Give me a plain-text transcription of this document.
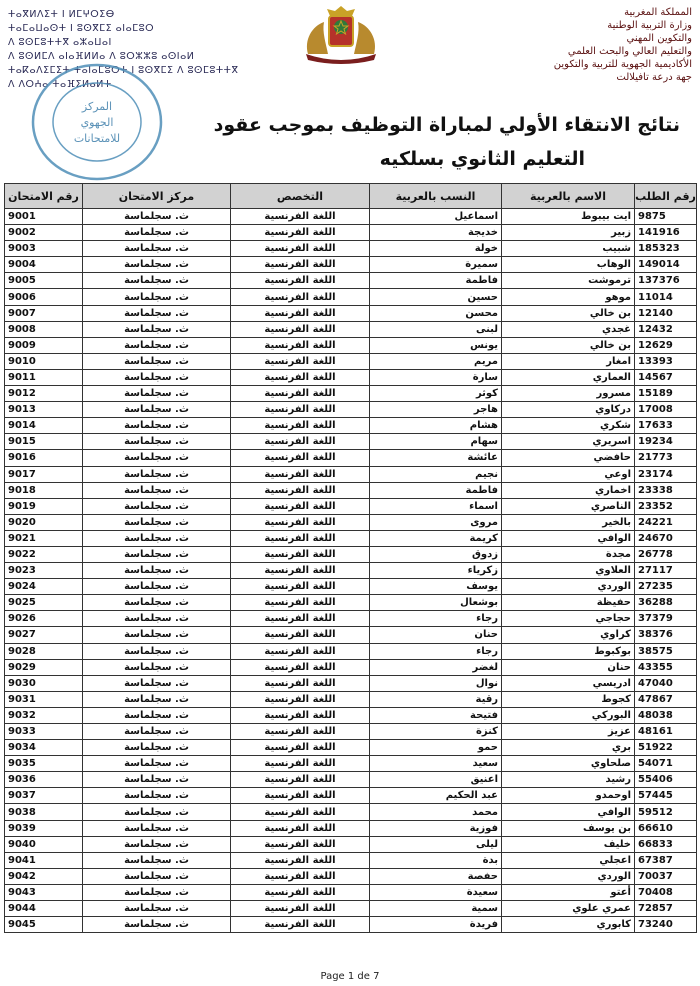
ⵜⴰⴳⵍⴷⵉⵜ ⵏ ⵍⵎⵖⵔⵉⴱ
ⵜⴰⵎⴰⵡⴰⵙⵜ ⵏ ⵓⵙⴳⵎⵉ ⴰⵏⴰⵎⵓⵔ
ⴷ ⵓⵙⵎⵓⵜⵜⴳ ⴰⵣⴰⵡⴰⵏ
ⴷ ⵓⵙⵍⵎⴷ ⴰⵏⴰⴼⵍⵍⴰ ⴷ ⵓⵔⵣⵣⵓ ⴰⵙⵏⴰⵍ
ⵜⴰⴽⴰⴷⵉⵎⵉⵜ ⵜⴰⵏⴰⵎⵓⵔⵜ ⵏ ⵓⵙⴳⵎⵉ ⴷ ⵓⵙⵎⵓⵜⵜⴳ
ⴷ ⴷⵔⵄⴰ ⵜⴰⴼⵉⵍⴰⵍⵜ
المملكة المغربية
وزارة التربية الوطنية
والتكوين المهني
والتعليم العالي والبحث العلمي
الأكاديمية الجهوية للتربية والتكوين
جهة درعة تافيلالت
المركز
الجهوي
للامتحانات
نتائج الانتقاء الأولي لمباراة التوظيف بموجب عقود
التعليم الثانوي بسلكيه
رقم الطلب	الاسم بالعربية	النسب بالعربية	التخصص	مركز الامتحان	رقم الامتحان
9875	ايت بيبوط	اسماعيل	اللغة الفرنسية	ث. سجلماسة	9001
141916	زبير	خديجة	اللغة الفرنسية	ث. سجلماسة	9002
185323	شبيب	خولة	اللغة الفرنسية	ث. سجلماسة	9003
149014	الوهاب	سميرة	اللغة الفرنسية	ث. سجلماسة	9004
137376	ترموشت	فاطمة	اللغة الفرنسية	ث. سجلماسة	9005
11014	موهو	حسين	اللغة الفرنسية	ث. سجلماسة	9006
12140	بن خالي	محسن	اللغة الفرنسية	ث. سجلماسة	9007
12432	غجدي	لبنى	اللغة الفرنسية	ث. سجلماسة	9008
12629	بن خالي	يونس	اللغة الفرنسية	ث. سجلماسة	9009
13393	امغار	مريم	اللغة الفرنسية	ث. سجلماسة	9010
14567	العماري	سارة	اللغة الفرنسية	ث. سجلماسة	9011
15189	مسرور	كوثر	اللغة الفرنسية	ث. سجلماسة	9012
17008	دركاوي	هاجر	اللغة الفرنسية	ث. سجلماسة	9013
17633	شكري	هشام	اللغة الفرنسية	ث. سجلماسة	9014
19234	اسريري	سهام	اللغة الفرنسية	ث. سجلماسة	9015
21773	حافضي	عائشة	اللغة الفرنسية	ث. سجلماسة	9016
23174	اوعي	نجيم	اللغة الفرنسية	ث. سجلماسة	9017
23338	اخماري	فاطمة	اللغة الفرنسية	ث. سجلماسة	9018
23352	الناصري	اسماء	اللغة الفرنسية	ث. سجلماسة	9019
24221	بالخير	مروى	اللغة الفرنسية	ث. سجلماسة	9020
24670	الوافي	كريمة	اللغة الفرنسية	ث. سجلماسة	9021
26778	مجدة	زدوق	اللغة الفرنسية	ث. سجلماسة	9022
27117	العلاوي	زكرياء	اللغة الفرنسية	ث. سجلماسة	9023
27235	الوردي	يوسف	اللغة الفرنسية	ث. سجلماسة	9024
36288	حفيظة	بوشعال	اللغة الفرنسية	ث. سجلماسة	9025
37379	حجاجي	رجاء	اللغة الفرنسية	ث. سجلماسة	9026
38376	كراوي	حنان	اللغة الفرنسية	ث. سجلماسة	9027
38575	بوكبوط	رجاء	اللغة الفرنسية	ث. سجلماسة	9028
43355	حنان	لغضر	اللغة الفرنسية	ث. سجلماسة	9029
47040	ادريسي	نوال	اللغة الفرنسية	ث. سجلماسة	9030
47867	كجوط	رقية	اللغة الفرنسية	ث. سجلماسة	9031
48038	البوركي	فتيحة	اللغة الفرنسية	ث. سجلماسة	9032
48161	عزيز	كنزة	اللغة الفرنسية	ث. سجلماسة	9033
51922	بري	حمو	اللغة الفرنسية	ث. سجلماسة	9034
54071	صلحاوي	سعيد	اللغة الفرنسية	ث. سجلماسة	9035
55406	رشيد	اعنيق	اللغة الفرنسية	ث. سجلماسة	9036
57445	اوحمدو	عبد الحكيم	اللغة الفرنسية	ث. سجلماسة	9037
59512	الوافي	محمد	اللغة الفرنسية	ث. سجلماسة	9038
66610	بن يوسف	فوزية	اللغة الفرنسية	ث. سجلماسة	9039
66833	خليف	ليلى	اللغة الفرنسية	ث. سجلماسة	9040
67387	اعجلي	بدة	اللغة الفرنسية	ث. سجلماسة	9041
70037	الوردي	حفصة	اللغة الفرنسية	ث. سجلماسة	9042
70408	أعتو	سعيدة	اللغة الفرنسية	ث. سجلماسة	9043
72857	عمري علوي	سمية	اللغة الفرنسية	ث. سجلماسة	9044
73240	كابوري	فريدة	اللغة الفرنسية	ث. سجلماسة	9045
Page 1 de 7
